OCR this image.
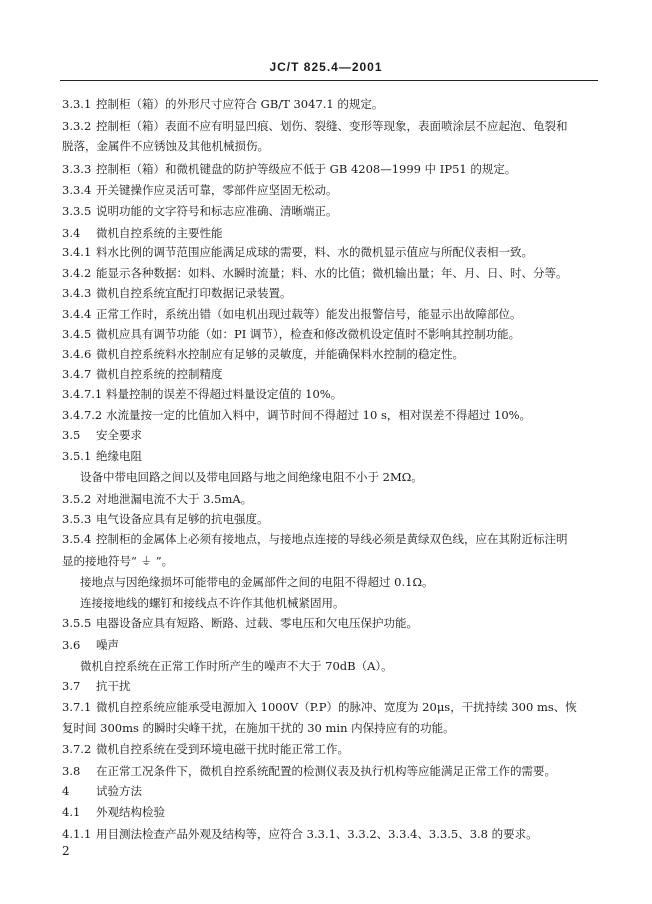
JC/T 825.4—2001
3.3.1 控制柜（箱）的外形尺寸应符合 GB/T 3047.1 的规定。
3.3.2 控制柜（箱）表面不应有明显凹痕、划伤、裂缝、变形等现象，表面喷涂层不应起泡、龟裂和
脱落，金属件不应锈蚀及其他机械损伤。
3.3.3 控制柜（箱）和微机键盘的防护等级应不低于 GB 4208—1999 中 IP51 的规定。
3.3.4 开关键操作应灵活可靠，零部件应坚固无松动。
3.3.5 说明功能的文字符号和标志应准确、清晰端正。
3.4 微机自控系统的主要性能
3.4.1 料水比例的调节范围应能满足成球的需要，料、水的微机显示值应与所配仪表相一致。
3.4.2 能显示各种数据：如料、水瞬时流量；料、水的比值；微机输出量；年、月、日、时、分等。
3.4.3 微机自控系统宜配打印数据记录装置。
3.4.4 正常工作时，系统出错（如电机出现过载等）能发出报警信号，能显示出故障部位。
3.4.5 微机应具有调节功能（如：PI 调节），检查和修改微机设定值时不影响其控制功能。
3.4.6 微机自控系统料水控制应有足够的灵敏度，并能确保料水控制的稳定性。
3.4.7 微机自控系统的控制精度
3.4.7.1 料量控制的误差不得超过料量设定值的 10%。
3.4.7.2 水流量按一定的比值加入料中，调节时间不得超过 10 s，相对误差不得超过 10%。
3.5 安全要求
3.5.1 绝缘电阻
设备中带电回路之间以及带电回路与地之间绝缘电阻不小于 2MΩ。
3.5.2 对地泄漏电流不大于 3.5mA。
3.5.3 电气设备应具有足够的抗电强度。
3.5.4 控制柜的金属体上必须有接地点，与接地点连接的导线必须是黄绿双色线，应在其附近标注明
显的接地符号“ ⏚ ”。
接地点与因绝缘损坏可能带电的金属部件之间的电阻不得超过 0.1Ω。
连接接地线的螺钉和接线点不许作其他机械紧固用。
3.5.5 电器设备应具有短路、断路、过载、零电压和欠电压保护功能。
3.6 噪声
微机自控系统在正常工作时所产生的噪声不大于 70dB（A）。
3.7 抗干扰
3.7.1 微机自控系统应能承受电源加入 1000V（P.P）的脉冲、宽度为 20μs，干扰持续 300 ms、恢
复时间 300ms 的瞬时尖峰干扰，在施加干扰的 30 min 内保持应有的功能。
3.7.2 微机自控系统在受到环境电磁干扰时能正常工作。
3.8 在正常工况条件下，微机自控系统配置的检测仪表及执行机构等应能满足正常工作的需要。
4 试验方法
4.1 外观结构检验
4.1.1 用目测法检查产品外观及结构等，应符合 3.3.1、3.3.2、3.3.4、3.3.5、3.8 的要求。
2
